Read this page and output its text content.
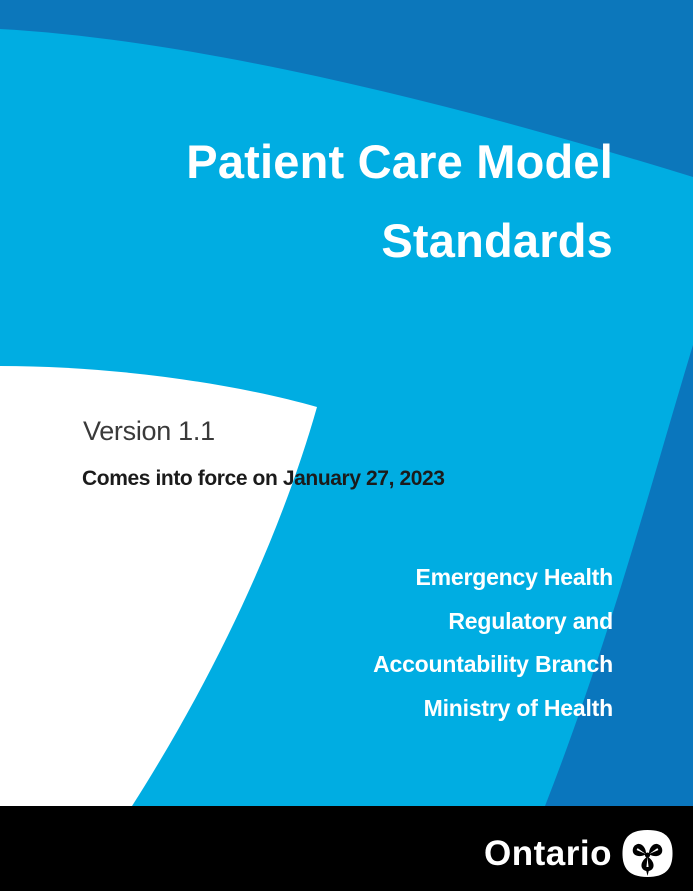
Patient Care Model
Standards
Version 1.1
Comes into force on January 27, 2023
Emergency Health
Regulatory and
Accountability Branch
Ministry of Health
Ontario
